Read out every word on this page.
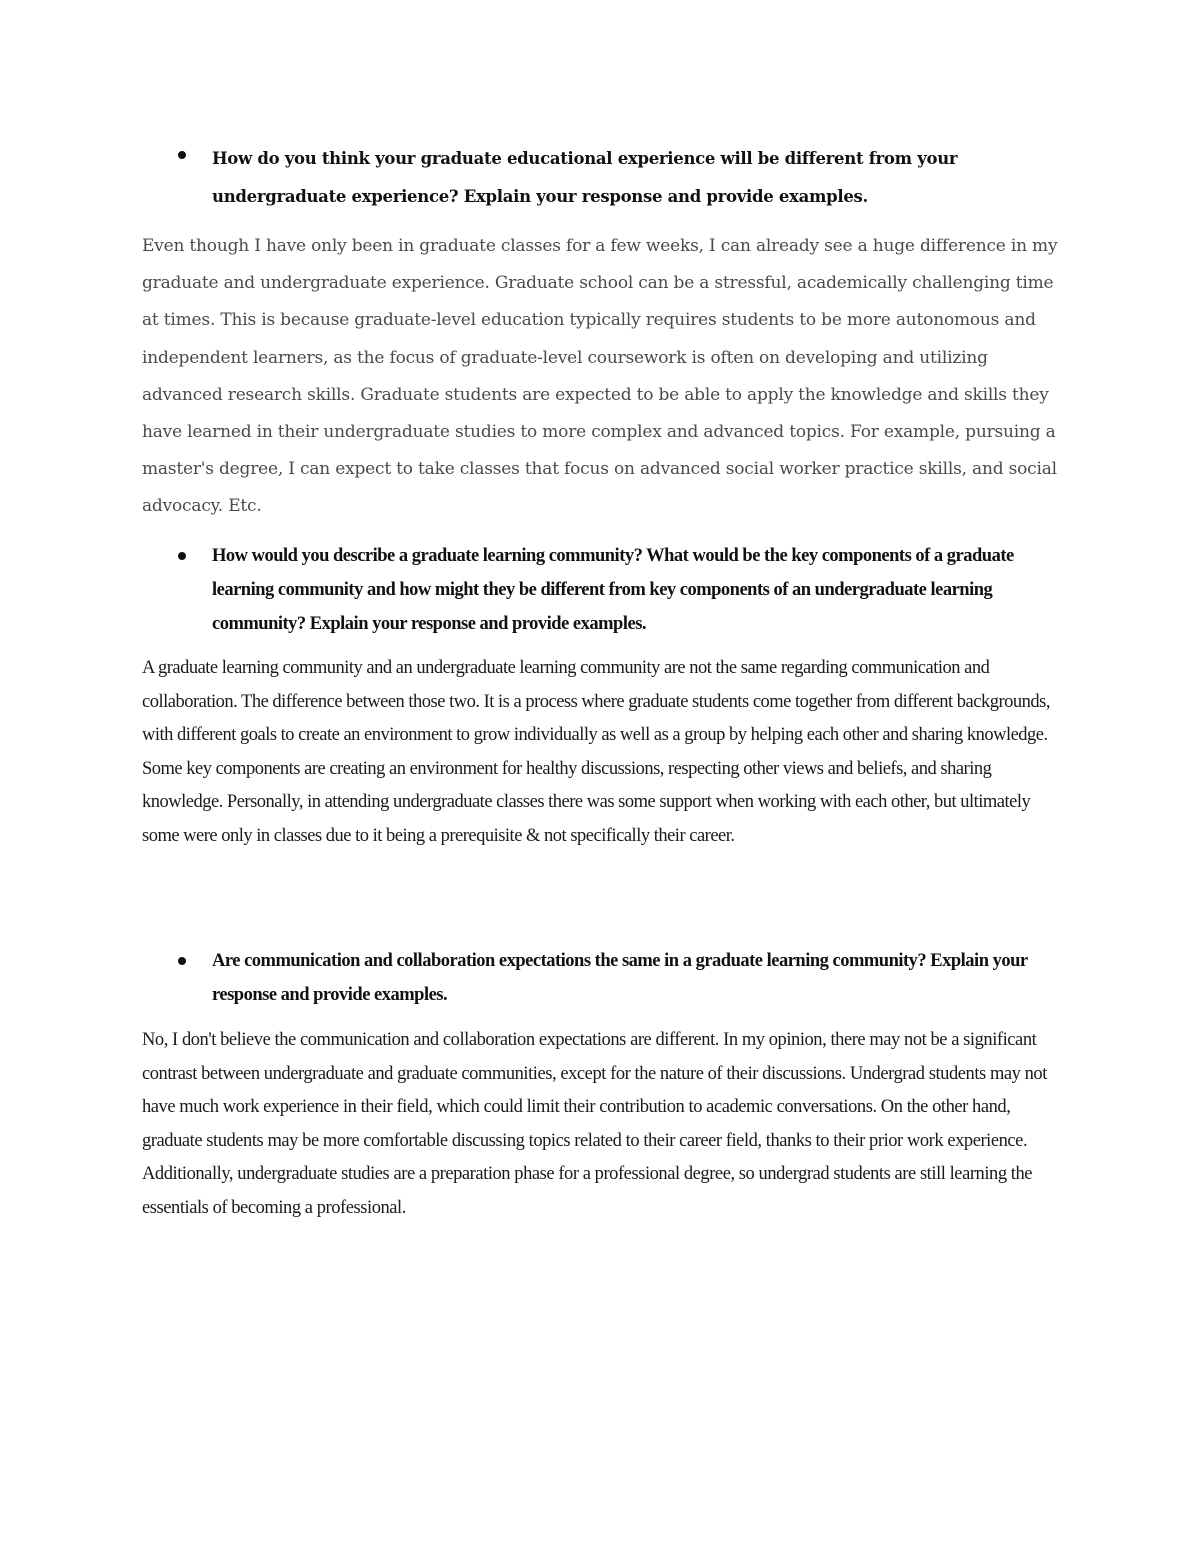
How do you think your graduate educational experience will be different from your undergraduate experience? Explain your response and provide examples.

Even though I have only been in graduate classes for a few weeks, I can already see a huge difference in my graduate and undergraduate experience. Graduate school can be a stressful, academically challenging time at times. This is because graduate-level education typically requires students to be more autonomous and independent learners, as the focus of graduate-level coursework is often on developing and utilizing advanced research skills. Graduate students are expected to be able to apply the knowledge and skills they have learned in their undergraduate studies to more complex and advanced topics. For example, pursuing a master's degree, I can expect to take classes that focus on advanced social worker practice skills, and social advocacy. Etc.

How would you describe a graduate learning community? What would be the key components of a graduate learning community and how might they be different from key components of an undergraduate learning community? Explain your response and provide examples.

A graduate learning community and an undergraduate learning community are not the same regarding communication and collaboration. The difference between those two. It is a process where graduate students come together from different backgrounds, with different goals to create an environment to grow individually as well as a group by helping each other and sharing knowledge. Some key components are creating an environment for healthy discussions, respecting other views and beliefs, and sharing knowledge. Personally, in attending undergraduate classes there was some support when working with each other, but ultimately some were only in classes due to it being a prerequisite & not specifically their career.

Are communication and collaboration expectations the same in a graduate learning community? Explain your response and provide examples.

No, I don't believe the communication and collaboration expectations are different. In my opinion, there may not be a significant contrast between undergraduate and graduate communities, except for the nature of their discussions. Undergrad students may not have much work experience in their field, which could limit their contribution to academic conversations. On the other hand, graduate students may be more comfortable discussing topics related to their career field, thanks to their prior work experience. Additionally, undergraduate studies are a preparation phase for a professional degree, so undergrad students are still learning the essentials of becoming a professional.
